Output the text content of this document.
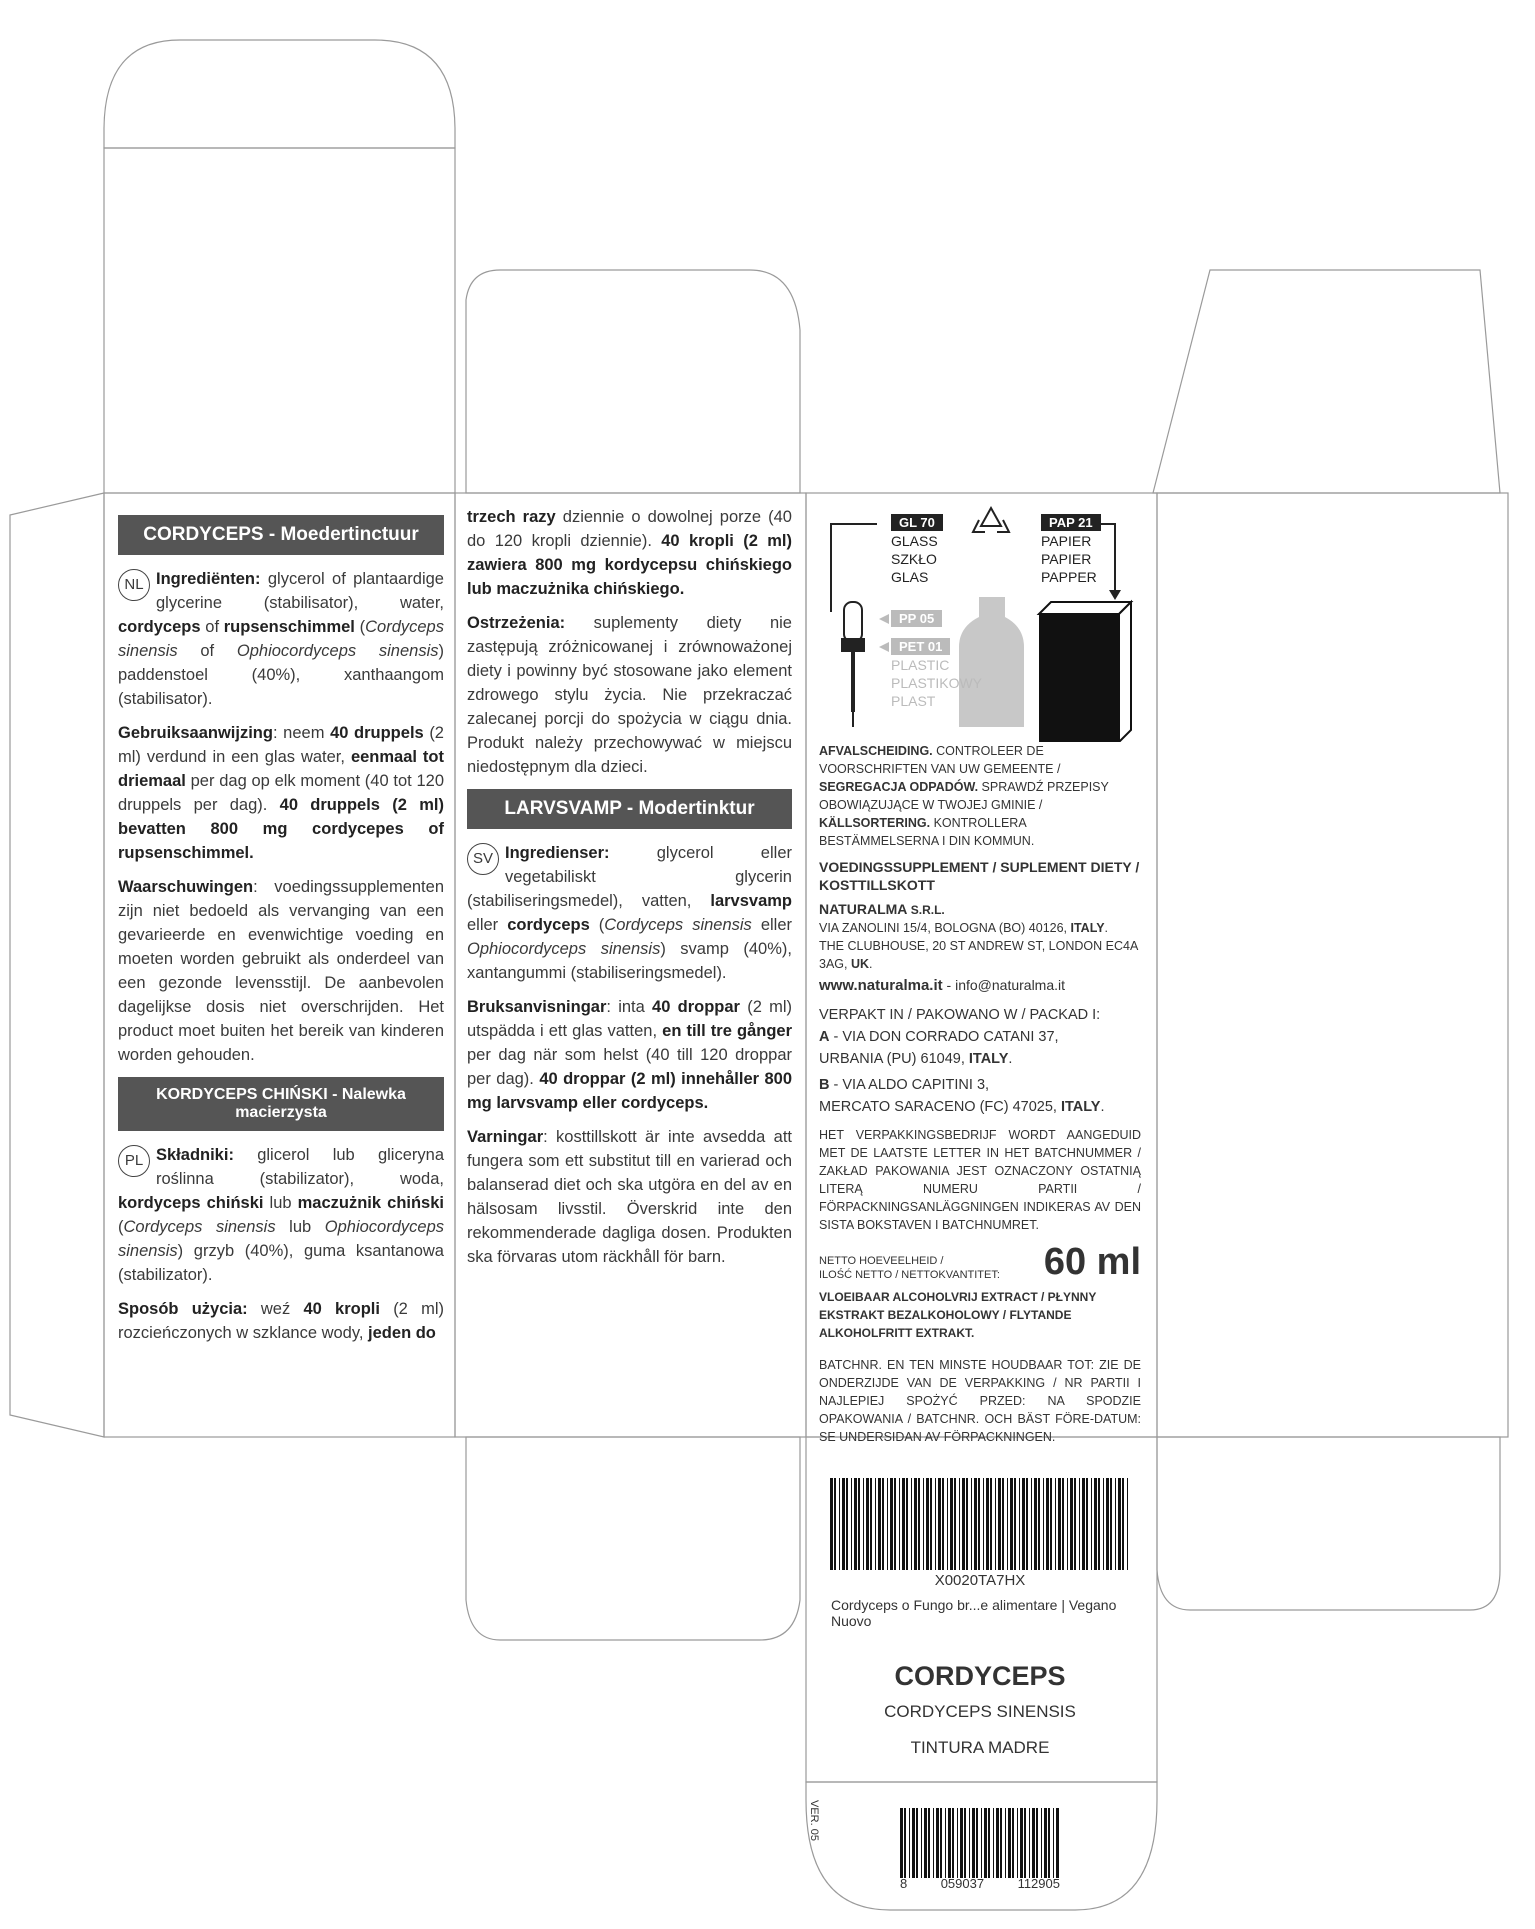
CORDYCEPS - Moedertinctuur

NL Ingrediënten: glycerol of plantaardige glycerine (stabilisator), water, cordyceps of rupsenschimmel (Cordyceps sinensis of Ophiocordyceps sinensis) paddenstoel (40%), xanthaangom (stabilisator).

Gebruiksaanwijzing: neem 40 druppels (2 ml) verdund in een glas water, eenmaal tot driemaal per dag op elk moment (40 tot 120 druppels per dag). 40 druppels (2 ml) bevatten 800 mg cordycepes of rupsenschimmel.

Waarschuwingen: voedingssupplementen zijn niet bedoeld als vervanging van een gevarieerde en evenwichtige voeding en moeten worden gebruikt als onderdeel van een gezonde levensstijl. De aanbevolen dagelijkse dosis niet overschrijden. Het product moet buiten het bereik van kinderen worden gehouden.

KORDYCEPS CHIŃSKI - Nalewka macierzysta

PL Składniki: glicerol lub gliceryna roślinna (stabilizator), woda, kordyceps chiński lub maczużnik chiński (Cordyceps sinensis lub Ophiocordyceps sinensis) grzyb (40%), guma ksantanowa (stabilizator).

Sposób użycia: weź 40 kropli (2 ml) rozcieńczonych w szklance wody, jeden do

trzech razy dziennie o dowolnej porze (40 do 120 kropli dziennie). 40 kropli (2 ml) zawiera 800 mg kordycepsu chińskiego lub maczużnika chińskiego.

Ostrzeżenia: suplementy diety nie zastępują zróżnicowanej i zrównoważonej diety i powinny być stosowane jako element zdrowego stylu życia. Nie przekraczać zalecanej porcji do spożycia w ciągu dnia. Produkt należy przechowywać w miejscu niedostępnym dla dzieci.

LARVSVAMP - Modertinktur

SV Ingredienser: glycerol eller vegetabiliskt glycerin (stabiliseringsmedel), vatten, larvsvamp eller cordyceps (Cordyceps sinensis eller Ophiocordyceps sinensis) svamp (40%), xantangummi (stabiliseringsmedel).

Bruksanvisningar: inta 40 droppar (2 ml) utspädda i ett glas vatten, en till tre gånger per dag när som helst (40 till 120 droppar per dag). 40 droppar (2 ml) innehåller 800 mg larvsvamp eller cordyceps.

Varningar: kosttillskott är inte avsedda att fungera som ett substitut till en varierad och balanserad diet och ska utgöra en del av en hälsosam livsstil. Överskrid inte den rekommenderade dagliga dosen. Produkten ska förvaras utom räckhåll för barn.

GL 70
GLASS
SZKŁO
GLAS
PAP 21
PAPIER
PAPIER
PAPPER
PP 05
PET 01
PLASTIC
PLASTIKOWY
PLAST

AFVALSCHEIDING. CONTROLEER DE VOORSCHRIFTEN VAN UW GEMEENTE / SEGREGACJA ODPADÓW. SPRAWDŹ PRZEPISY OBOWIĄZUJĄCE W TWOJEJ GMINIE / KÄLLSORTERING. KONTROLLERA BESTÄMMELSERNA I DIN KOMMUN.

VOEDINGSSUPPLEMENT / SUPLEMENT DIETY / KOSTTILLSKOTT

NATURALMA S.R.L.

VIA ZANOLINI 15/4, BOLOGNA (BO) 40126, ITALY.

THE CLUBHOUSE, 20 ST ANDREW ST, LONDON EC4A 3AG, UK.

www.naturalma.it - info@naturalma.it

VERPAKT IN / PAKOWANO W / PACKAD I:

A - VIA DON CORRADO CATANI 37,
URBANIA (PU) 61049, ITALY.

B - VIA ALDO CAPITINI 3,
MERCATO SARACENO (FC) 47025, ITALY.

HET VERPAKKINGSBEDRIJF WORDT AANGEDUID MET DE LAATSTE LETTER IN HET BATCHNUMMER / ZAKŁAD PAKOWANIA JEST OZNACZONY OSTATNIĄ LITERĄ NUMERU PARTII / FÖRPACKNINGSANLÄGGNINGEN INDIKERAS AV DEN SISTA BOKSTAVEN I BATCHNUMRET.

NETTO HOEVEELHEID /
ILOŚĆ NETTO / NETTOKVANTITET: 60 ml

VLOEIBAAR ALCOHOLVRIJ EXTRACT / PŁYNNY EKSTRAKT BEZALKOHOLOWY / FLYTANDE ALKOHOLFRITT EXTRAKT.

BATCHNR. EN TEN MINSTE HOUDBAAR TOT: ZIE DE ONDERZIJDE VAN DE VERPAKKING / NR PARTII I NAJLEPIEJ SPOŻYĆ PRZED: NA SPODZIE OPAKOWANIA / BATCHNR. OCH BÄST FÖRE-DATUM: SE UNDERSIDAN AV FÖRPACKNINGEN.

X0020TA7HX
Cordyceps o Fungo br...e alimentare | Vegano
Nuovo
CORDYCEPS
CORDYCEPS SINENSIS
TINTURA MADRE
VER. 05
8	059037	112905
